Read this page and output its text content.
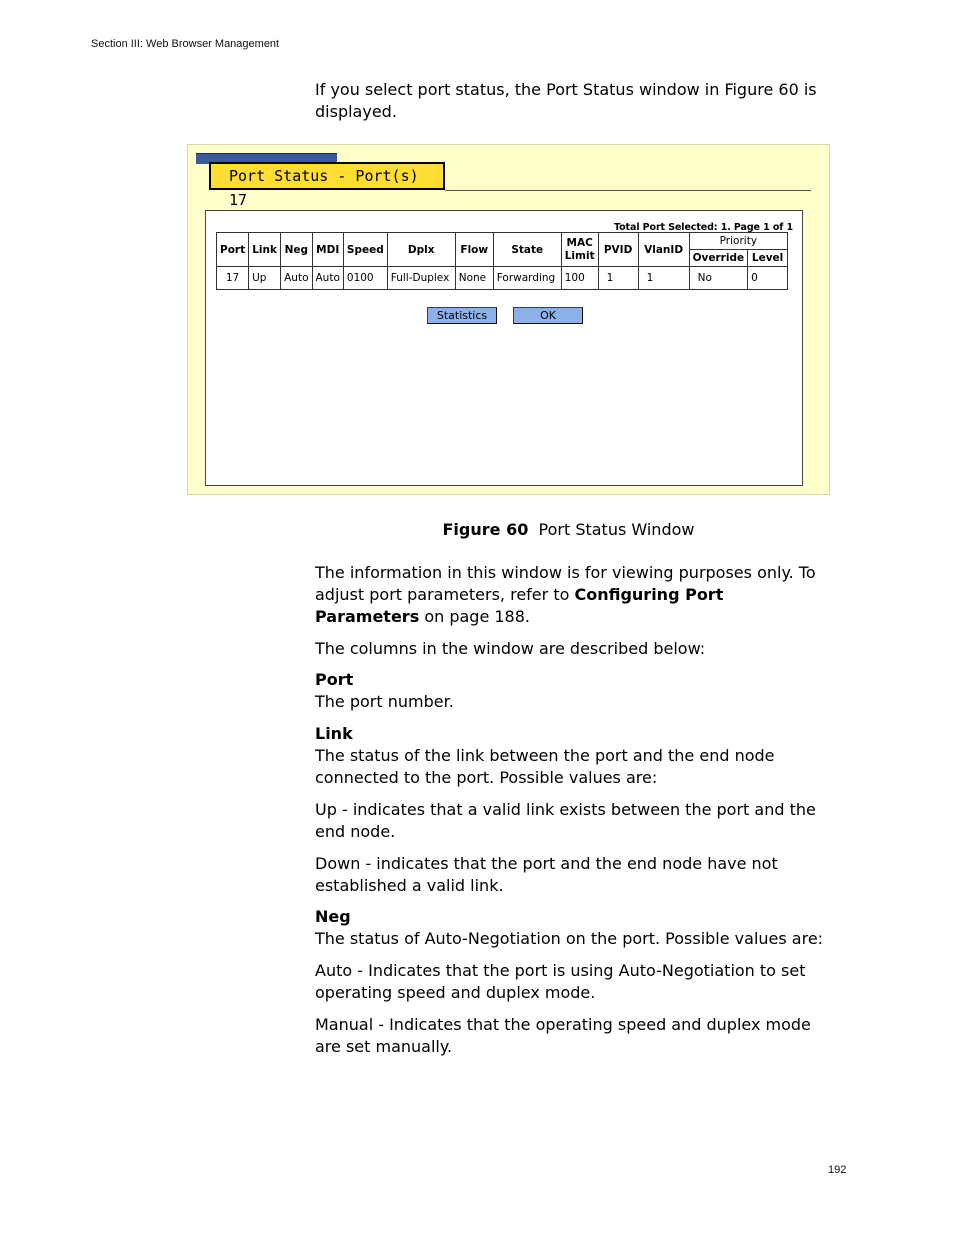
Section III: Web Browser Management

If you select port status, the Port Status window in Figure 60 is displayed.

Port Status - Port(s) 17
Total Port Selected: 1. Page 1 of 1
Port	Link	Neg	MDI	Speed	Dplx	Flow	State	MAC Limit	PVID	VlanID	Priority	
											Override	Level
17	Up	Auto	Auto	0100	Full-Duplex	None	Forwarding	100	1	1	No	0
Statistics	OK
Figure 60 Port Status Window

The information in this window is for viewing purposes only. To adjust port parameters, refer to Configuring Port Parameters on page 188.

The columns in the window are described below:

Port

The port number.

Link

The status of the link between the port and the end node connected to the port. Possible values are:

Up - indicates that a valid link exists between the port and the end node.

Down - indicates that the port and the end node have not established a valid link.

Neg

The status of Auto-Negotiation on the port. Possible values are:

Auto - Indicates that the port is using Auto-Negotiation to set operating speed and duplex mode.

Manual - Indicates that the operating speed and duplex mode are set manually.

192
